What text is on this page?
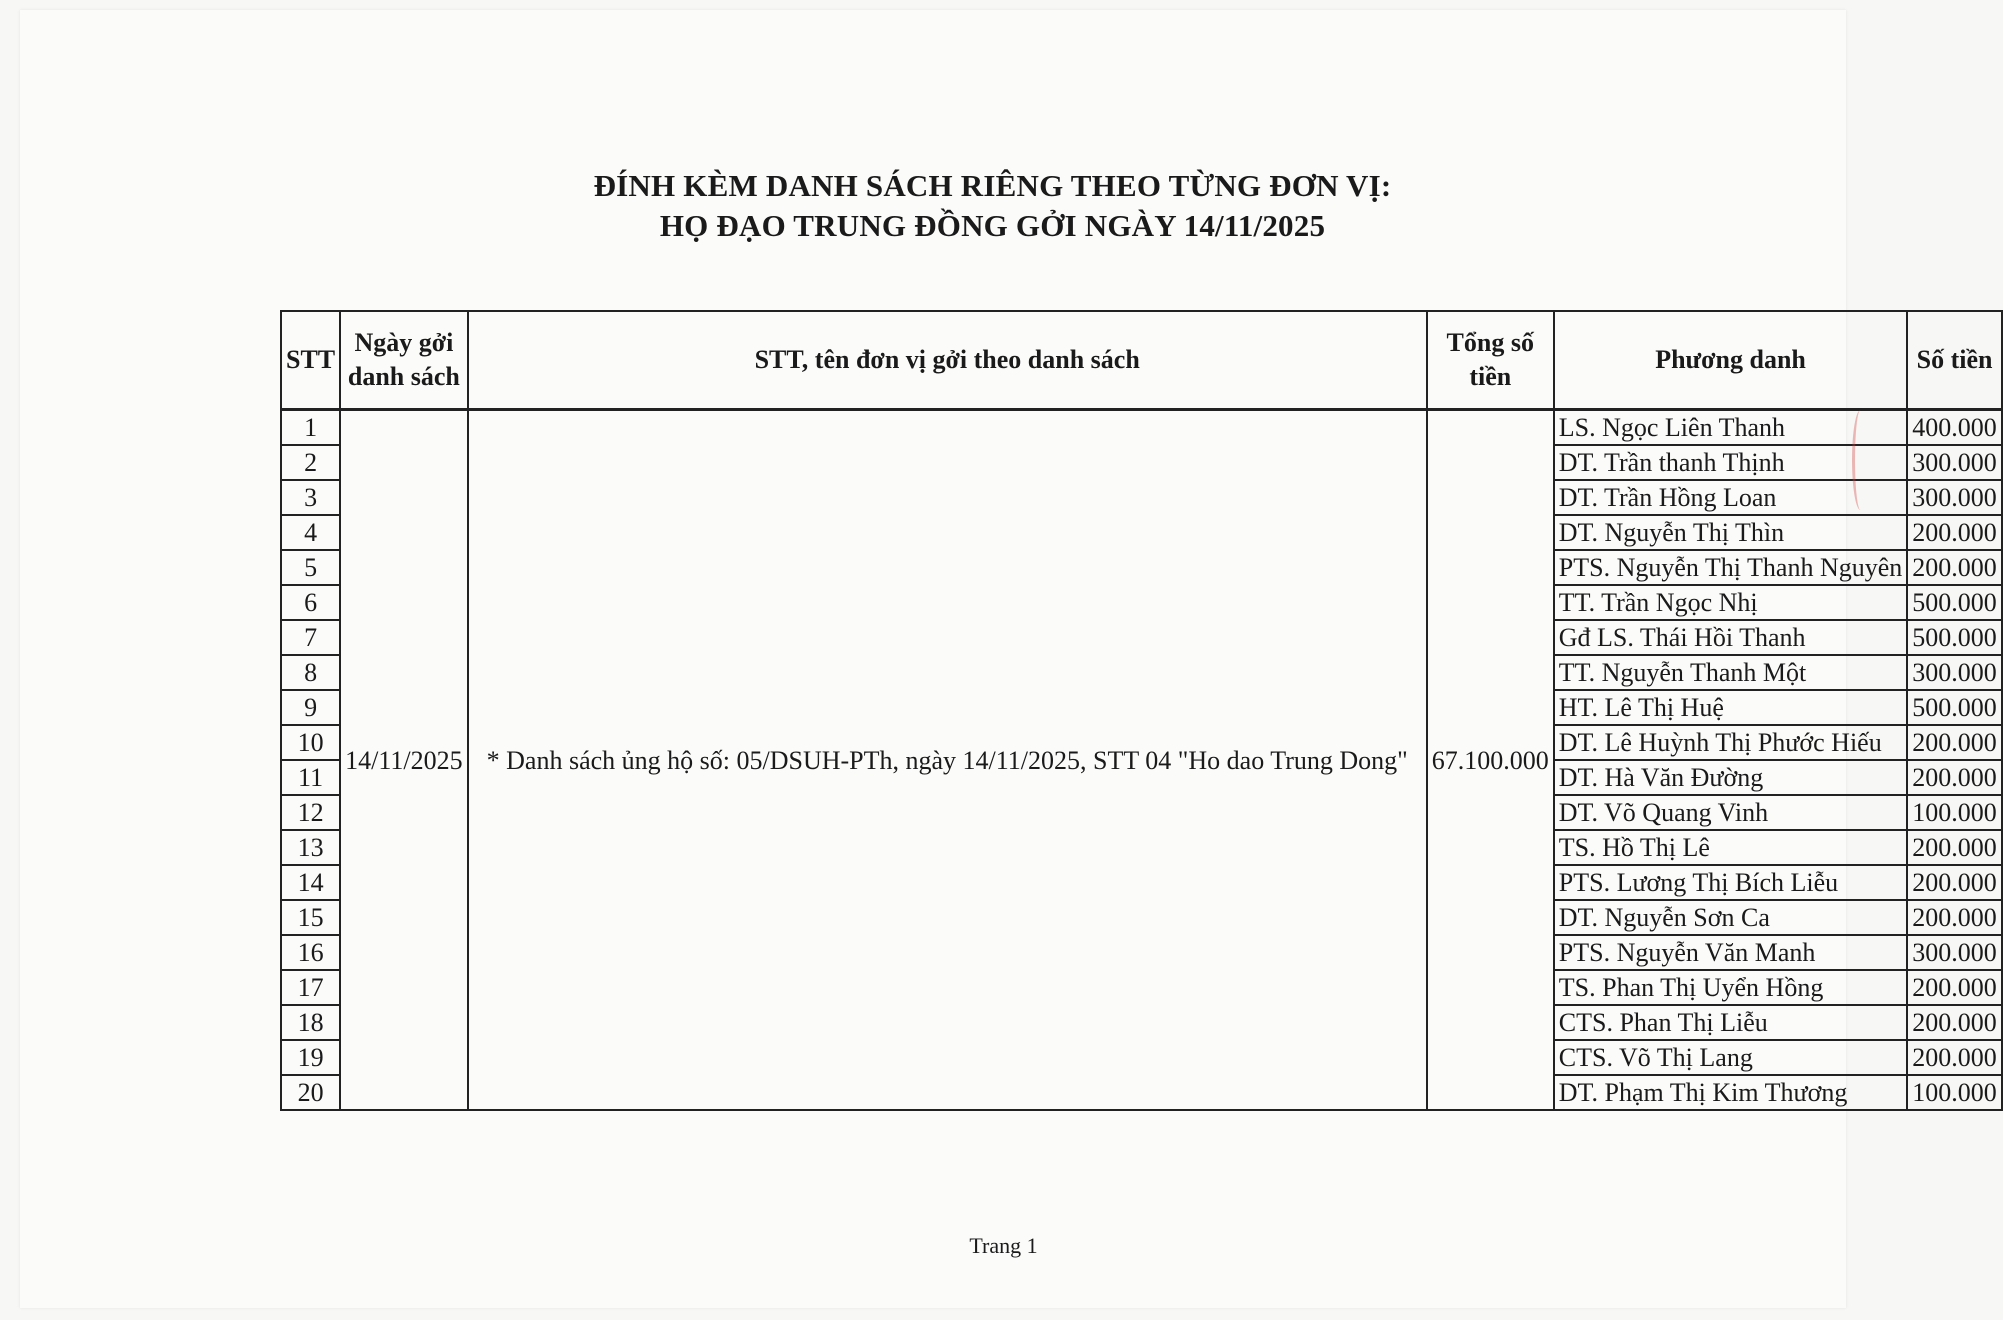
ĐÍNH KÈM DANH SÁCH RIÊNG THEO TỪNG ĐƠN VỊ:
HỌ ĐẠO TRUNG ĐỒNG GỞI NGÀY 14/11/2025
STT	Ngày gởi danh sách	STT, tên đơn vị gởi theo danh sách	Tổng số tiền	Phương danh	Số tiền
1	14/11/2025	* Danh sách ủng hộ số: 05/DSUH-PTh, ngày 14/11/2025, STT 04 "Ho dao Trung Dong"	67.100.000	LS. Ngọc Liên Thanh	400.000
2				DT. Trần thanh Thịnh	300.000
3				DT. Trần Hồng Loan	300.000
4				DT. Nguyễn Thị Thìn	200.000
5				PTS. Nguyễn Thị Thanh Nguyên	200.000
6				TT. Trần Ngọc Nhị	500.000
7				Gđ LS. Thái Hồi Thanh	500.000
8				TT. Nguyễn Thanh Một	300.000
9				HT. Lê Thị Huệ	500.000
10				DT. Lê Huỳnh Thị Phước Hiếu	200.000
11				DT. Hà Văn Đường	200.000
12				DT. Võ Quang Vinh	100.000
13				TS. Hồ Thị Lê	200.000
14				PTS. Lương Thị Bích Liễu	200.000
15				DT. Nguyễn Sơn Ca	200.000
16				PTS. Nguyễn Văn Manh	300.000
17				TS. Phan Thị Uyển Hồng	200.000
18				CTS. Phan Thị Liễu	200.000
19				CTS. Võ Thị Lang	200.000
20				DT. Phạm Thị Kim Thương	100.000
Trang 1
